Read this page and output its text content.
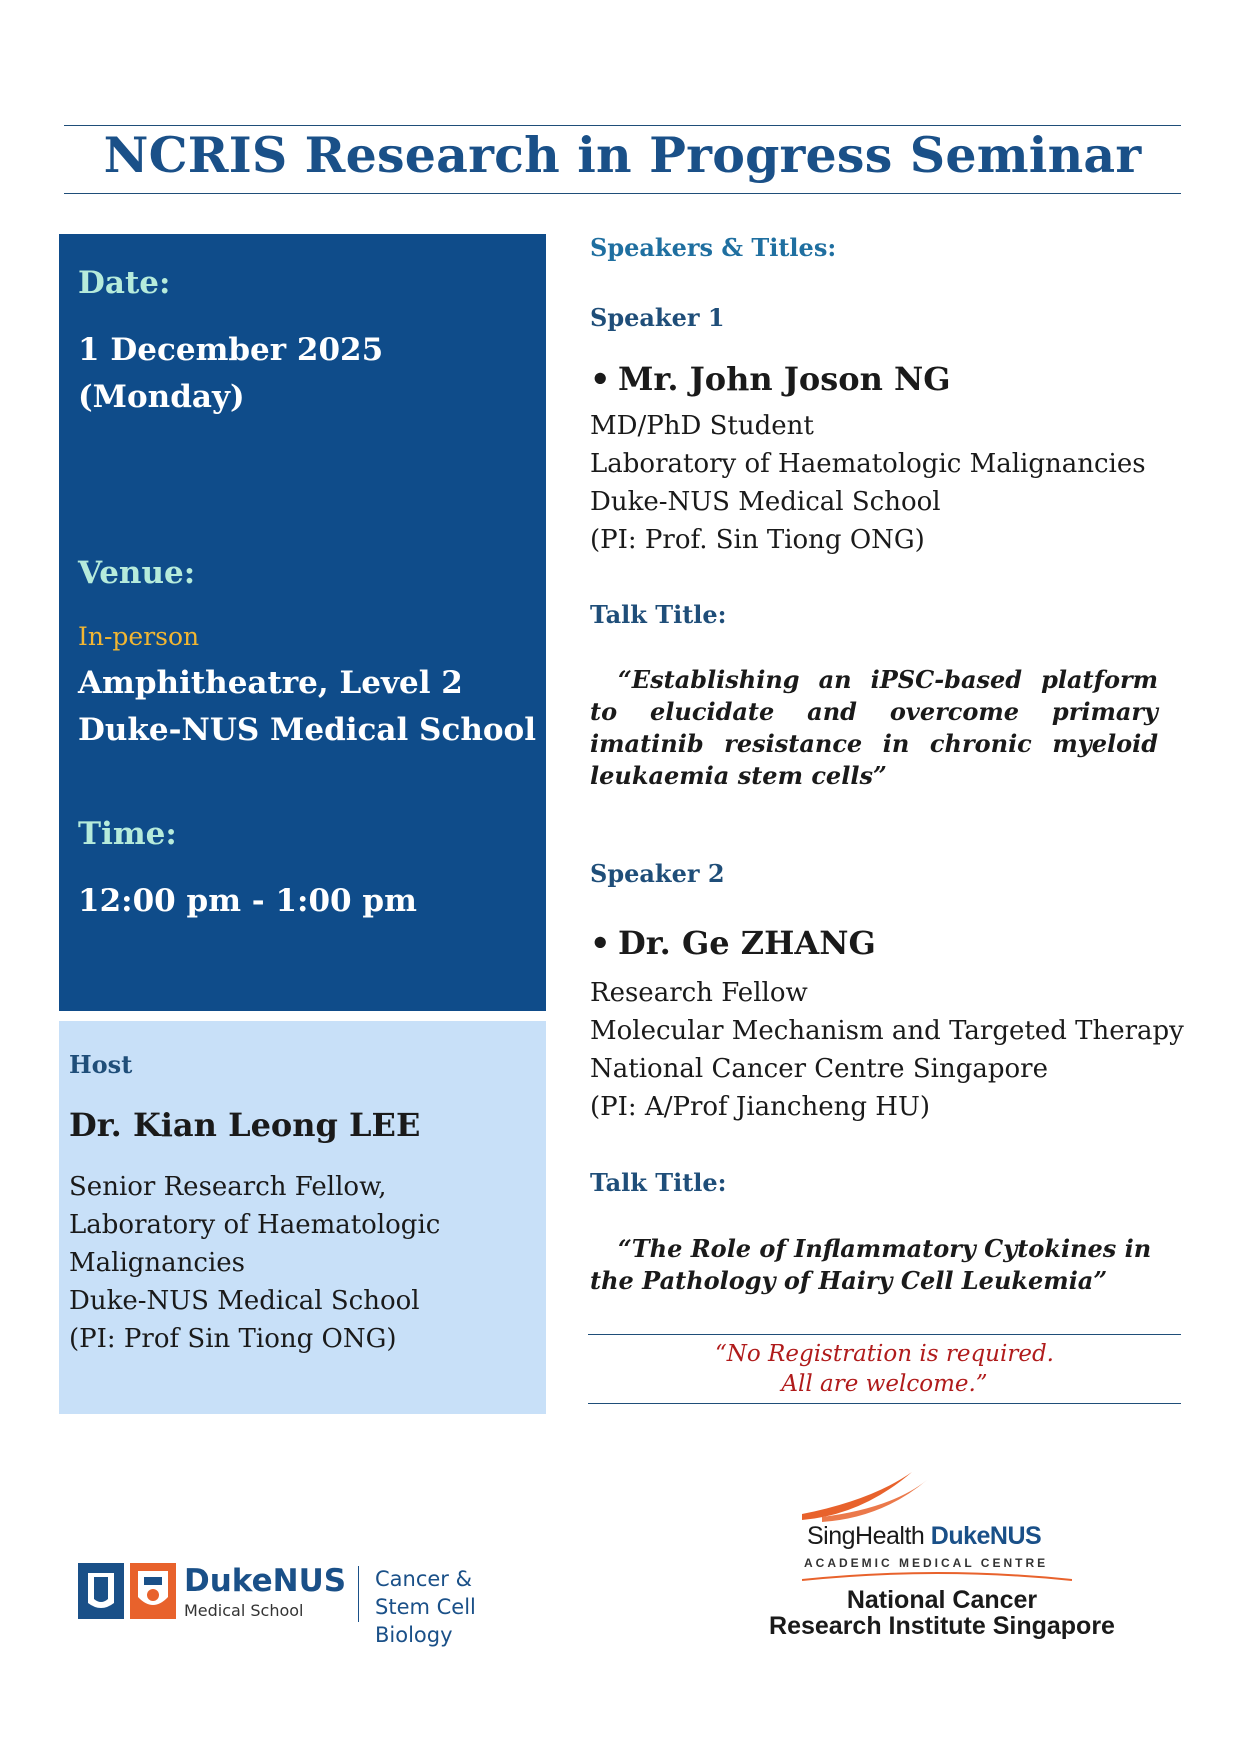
NCRIS Research in Progress Seminar
Date:
1 December 2025
(Monday)
Venue:
In-person
Amphitheatre, Level 2
Duke-NUS Medical School
Time:
12:00 pm - 1:00 pm
Host
Dr. Kian Leong LEE
Senior Research Fellow,
Laboratory of Haematologic
Malignancies
Duke-NUS Medical School
(PI: Prof Sin Tiong ONG)
Speakers & Titles:
Speaker 1
• Mr. John Joson NG
MD/PhD Student
Laboratory of Haematologic Malignancies
Duke-NUS Medical School
(PI: Prof. Sin Tiong ONG)
Talk Title:
“Establishing an iPSC-based platform to elucidate and overcome primary imatinib resistance in chronic myeloid leukaemia stem cells”
Speaker 2
• Dr. Ge ZHANG
Research Fellow
Molecular Mechanism and Targeted Therapy
National Cancer Centre Singapore
(PI: A/Prof Jiancheng HU)
Talk Title:
“The Role of Inflammatory Cytokines in the Pathology of Hairy Cell Leukemia”
“No Registration is required.
All are welcome.”
DukeNUS
Medical School
Cancer &
Stem Cell Biology
SingHealth DukeNUS
ACADEMIC MEDICAL CENTRE
National Cancer
Research Institute Singapore
